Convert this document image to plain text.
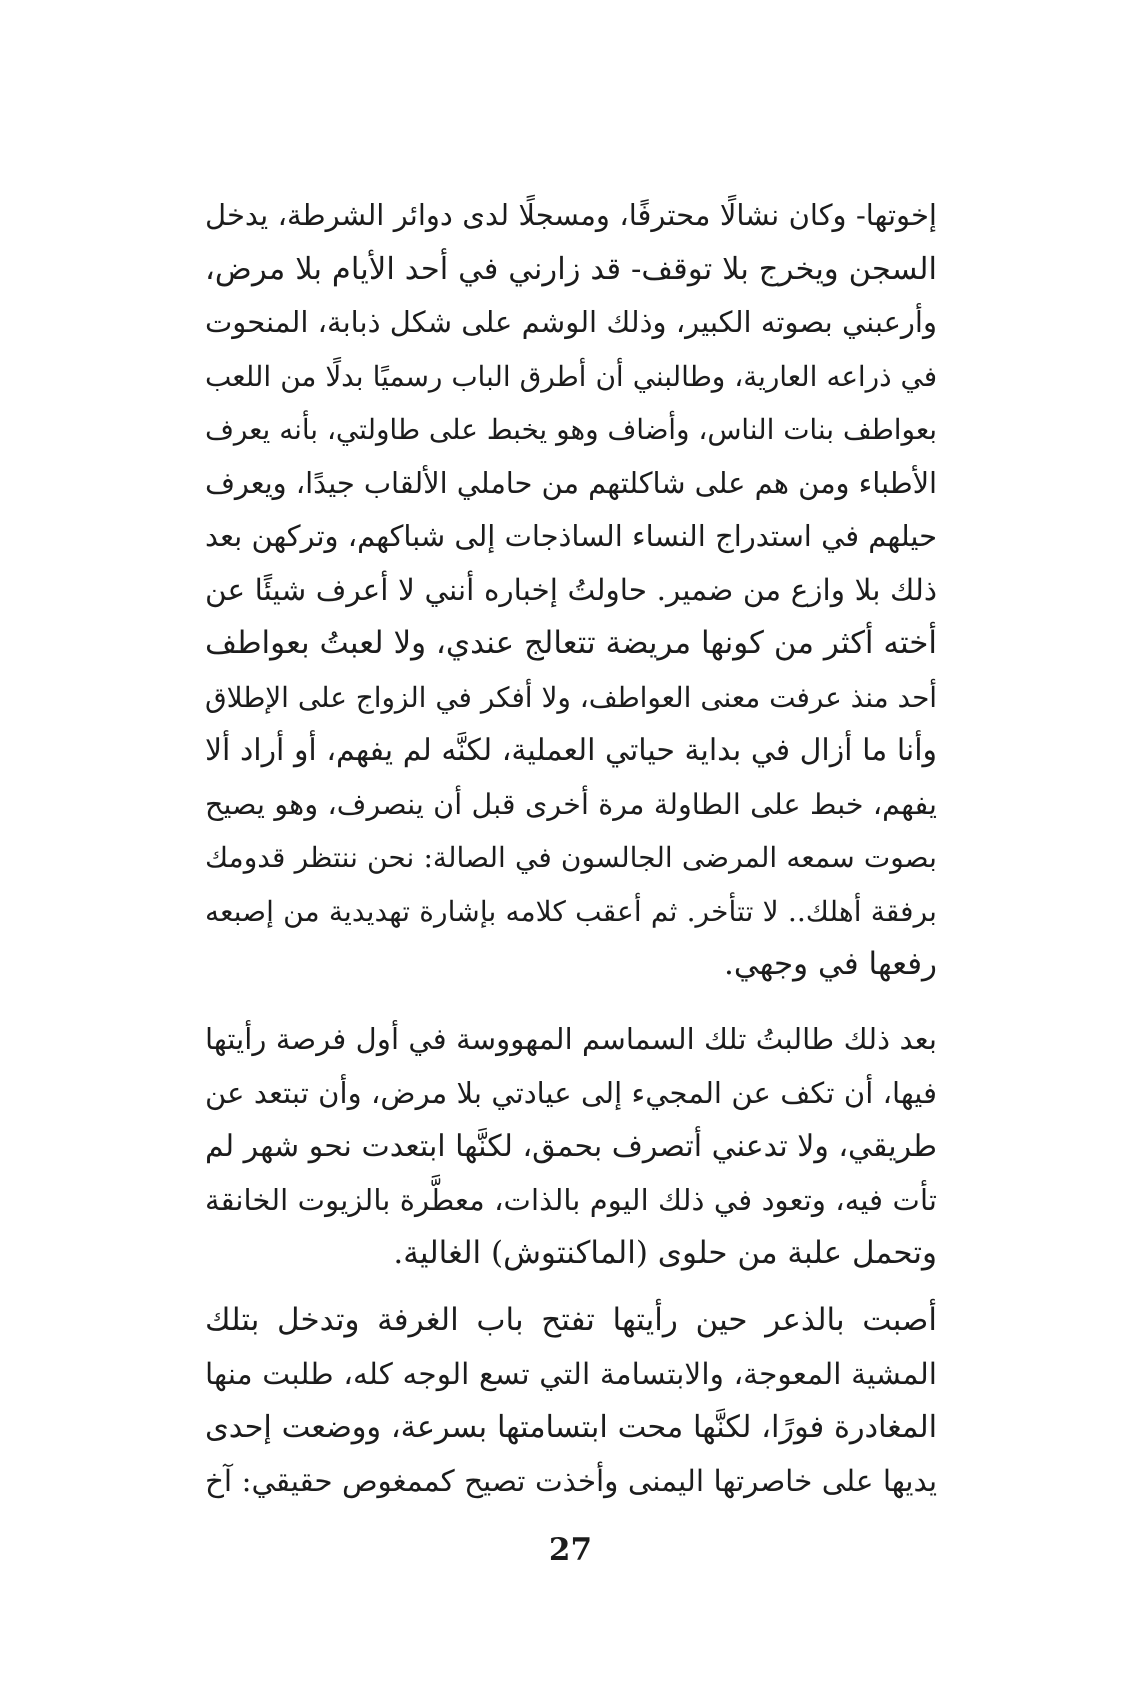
إخوتها- وكان نشالًا محترفًا، ومسجلًا لدى دوائر الشرطة، يدخل
السجن ويخرج بلا توقف- قد زارني في أحد الأيام بلا مرض،
وأرعبني بصوته الكبير، وذلك الوشم على شكل ذبابة، المنحوت
في ذراعه العارية، وطالبني أن أطرق الباب رسميًا بدلًا من اللعب
بعواطف بنات الناس، وأضاف وهو يخبط على طاولتي، بأنه يعرف
الأطباء ومن هم على شاكلتهم من حاملي الألقاب جيدًا، ويعرف
حيلهم في استدراج النساء الساذجات إلى شباكهم، وتركهن بعد
ذلك بلا وازع من ضمير. حاولتُ إخباره أنني لا أعرف شيئًا عن
أخته أكثر من كونها مريضة تتعالج عندي، ولا لعبتُ بعواطف
أحد منذ عرفت معنى العواطف، ولا أفكر في الزواج على الإطلاق
وأنا ما أزال في بداية حياتي العملية، لكنَّه لم يفهم، أو أراد ألا
يفهم، خبط على الطاولة مرة أخرى قبل أن ينصرف، وهو يصيح
بصوت سمعه المرضى الجالسون في الصالة: نحن ننتظر قدومك
برفقة أهلك.. لا تتأخر. ثم أعقب كلامه بإشارة تهديدية من إصبعه
رفعها في وجهي.
بعد ذلك طالبتُ تلك السماسم المهووسة في أول فرصة رأيتها
فيها، أن تكف عن المجيء إلى عيادتي بلا مرض، وأن تبتعد عن
طريقي، ولا تدعني أتصرف بحمق، لكنَّها ابتعدت نحو شهر لم
تأت فيه، وتعود في ذلك اليوم بالذات، معطَّرة بالزيوت الخانقة
وتحمل علبة من حلوى (الماكنتوش) الغالية.
أصبت بالذعر حين رأيتها تفتح باب الغرفة وتدخل بتلك
المشية المعوجة، والابتسامة التي تسع الوجه كله، طلبت منها
المغادرة فورًا، لكنَّها محت ابتسامتها بسرعة، ووضعت إحدى
يديها على خاصرتها اليمنى وأخذت تصيح كممغوص حقيقي: آخ
27
